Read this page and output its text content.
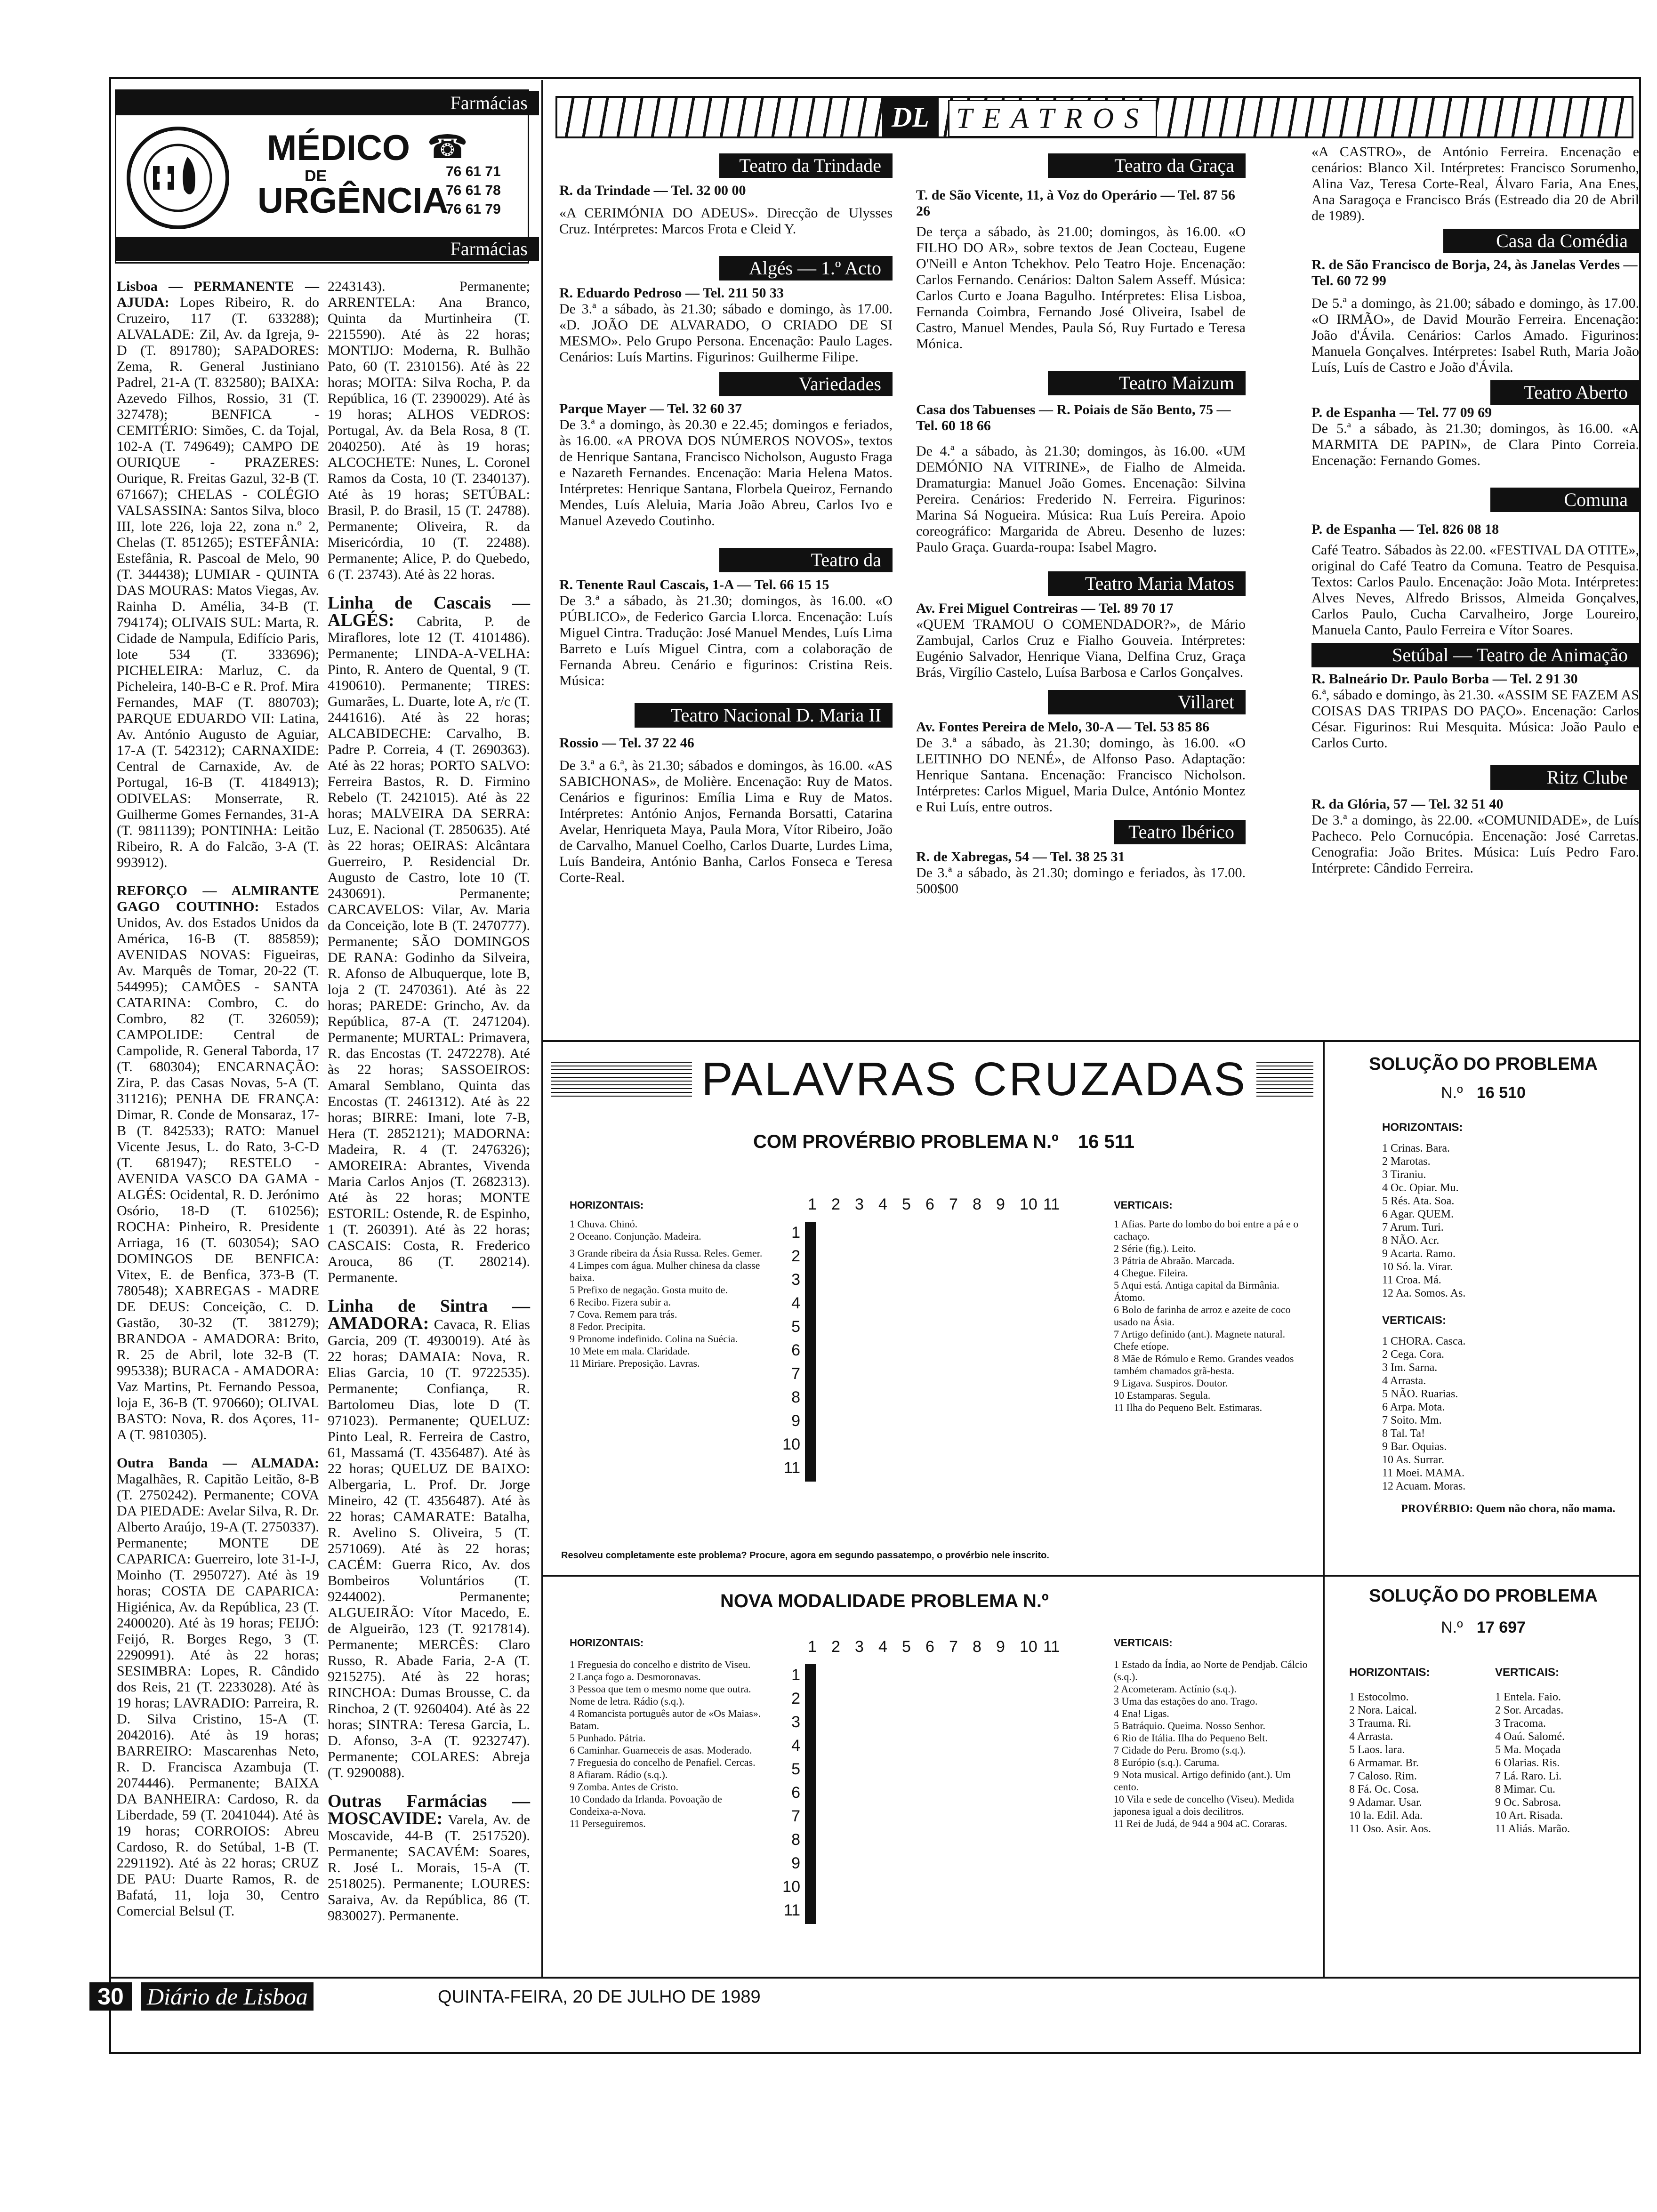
Farmácias
MÉDICO ☎
DE
URGÊNCIA
76 61 71
76 61 78
76 61 79
Farmácias

Lisboa — PERMANENTE — AJUDA: Lopes Ribeiro, R. do Cruzeiro, 117 (T. 633288); ALVALADE: Zil, Av. da Igreja, 9-D (T. 891780); SAPADORES: Zema, R. General Justiniano Padrel, 21-A (T. 832580); BAIXA: Azevedo Filhos, Rossio, 31 (T. 327478); BENFICA - CEMITÉRIO: Simões, C. da Tojal, 102-A (T. 749649); CAMPO DE OURIQUE - PRAZERES: Ourique, R. Freitas Gazul, 32-B (T. 671667); CHELAS - COLÉGIO VALSASSINA: Santos Silva, bloco III, lote 226, loja 22, zona n.º 2, Chelas (T. 851265); ESTEFÂNIA: Estefânia, R. Pascoal de Melo, 90 (T. 344438); LUMIAR - QUINTA DAS MOURAS: Matos Viegas, Av. Rainha D. Amélia, 34-B (T. 794174); OLIVAIS SUL: Marta, R. Cidade de Nampula, Edifício Paris, lote 534 (T. 333696); PICHELEIRA: Marluz, C. da Picheleira, 140-B-C e R. Prof. Mira Fernandes, MAF (T. 880703); PARQUE EDUARDO VII: Latina, Av. António Augusto de Aguiar, 17-A (T. 542312); CARNAXIDE: Central de Carnaxide, Av. de Portugal, 16-B (T. 4184913); ODIVELAS: Monserrate, R. Guilherme Gomes Fernandes, 31-A (T. 9811139); PONTINHA: Leitão Ribeiro, R. A do Falcão, 3-A (T. 993912).

REFORÇO — ALMIRANTE GAGO COUTINHO: Estados Unidos, Av. dos Estados Unidos da América, 16-B (T. 885859); AVENIDAS NOVAS: Figueiras, Av. Marquês de Tomar, 20-22 (T. 544995); CAMÕES - SANTA CATARINA: Combro, C. do Combro, 82 (T. 326059); CAMPOLIDE: Central de Campolide, R. General Taborda, 17 (T. 680304); ENCARNAÇÃO: Zira, P. das Casas Novas, 5-A (T. 311216); PENHA DE FRANÇA: Dimar, R. Conde de Monsaraz, 17-B (T. 842533); RATO: Manuel Vicente Jesus, L. do Rato, 3-C-D (T. 681947); RESTELO - AVENIDA VASCO DA GAMA - ALGÉS: Ocidental, R. D. Jerónimo Osório, 18-D (T. 610256); ROCHA: Pinheiro, R. Presidente Arriaga, 16 (T. 603054); SAO DOMINGOS DE BENFICA: Vitex, E. de Benfica, 373-B (T. 780548); XABREGAS - MADRE DE DEUS: Conceição, C. D. Gastão, 30-32 (T. 381279); BRANDOA - AMADORA: Brito, R. 25 de Abril, lote 32-B (T. 995338); BURACA - AMADORA: Vaz Martins, Pt. Fernando Pessoa, loja E, 36-B (T. 970660); OLIVAL BASTO: Nova, R. dos Açores, 11-A (T. 9810305).

Outra Banda — ALMADA: Magalhães, R. Capitão Leitão, 8-B (T. 2750242). Permanente; COVA DA PIEDADE: Avelar Silva, R. Dr. Alberto Araújo, 19-A (T. 2750337). Permanente; MONTE DE CAPARICA: Guerreiro, lote 31-I-J, Moinho (T. 2950727). Até às 19 horas; COSTA DE CAPARICA: Higiénica, Av. da República, 23 (T. 2400020). Até às 19 horas; FEIJÓ: Feijó, R. Borges Rego, 3 (T. 2290991). Até às 22 horas; SESIMBRA: Lopes, R. Cândido dos Reis, 21 (T. 2233028). Até às 19 horas; LAVRADIO: Parreira, R. D. Silva Cristino, 15-A (T. 2042016). Até às 19 horas; BARREIRO: Mascarenhas Neto, R. D. Francisca Azambuja (T. 2074446). Permanente; BAIXA DA BANHEIRA: Cardoso, R. da Liberdade, 59 (T. 2041044). Até às 19 horas; CORROIOS: Abreu Cardoso, R. do Setúbal, 1-B (T. 2291192). Até às 22 horas; CRUZ DE PAU: Duarte Ramos, R. de Bafatá, 11, loja 30, Centro Comercial Belsul (T.

2243143). Permanente; ARRENTELA: Ana Branco, Quinta da Murtinheira (T. 2215590). Até às 22 horas; MONTIJO: Moderna, R. Bulhão Pato, 60 (T. 2310156). Até às 22 horas; MOITA: Silva Rocha, P. da República, 16 (T. 2390029). Até às 19 horas; ALHOS VEDROS: Portugal, Av. da Bela Rosa, 8 (T. 2040250). Até às 19 horas; ALCOCHETE: Nunes, L. Coronel Ramos da Costa, 10 (T. 2340137). Até às 19 horas; SETÚBAL: Brasil, P. do Brasil, 15 (T. 24788). Permanente; Oliveira, R. da Misericórdia, 10 (T. 22488). Permanente; Alice, P. do Quebedo, 6 (T. 23743). Até às 22 horas.

Linha de Cascais — ALGÉS: Cabrita, P. de Miraflores, lote 12 (T. 4101486). Permanente; LINDA-A-VELHA: Pinto, R. Antero de Quental, 9 (T. 4190610). Permanente; TIRES: Gumarães, L. Duarte, lote A, r/c (T. 2441616). Até às 22 horas; ALCABIDECHE: Carvalho, B. Padre P. Correia, 4 (T. 2690363). Até às 22 horas; PORTO SALVO: Ferreira Bastos, R. D. Firmino Rebelo (T. 2421015). Até às 22 horas; MALVEIRA DA SERRA: Luz, E. Nacional (T. 2850635). Até às 22 horas; OEIRAS: Alcântara Guerreiro, P. Residencial Dr. Augusto de Castro, lote 10 (T. 2430691). Permanente; CARCAVELOS: Vilar, Av. Maria da Conceição, lote B (T. 2470777). Permanente; SÃO DOMINGOS DE RANA: Godinho da Silveira, R. Afonso de Albuquerque, lote B, loja 2 (T. 2470361). Até às 22 horas; PAREDE: Grincho, Av. da República, 87-A (T. 2471204). Permanente; MURTAL: Primavera, R. das Encostas (T. 2472278). Até às 22 horas; SASSOEIROS: Amaral Semblano, Quinta das Encostas (T. 2461312). Até às 22 horas; BIRRE: Imani, lote 7-B, Hera (T. 2852121); MADORNA: Madeira, R. 4 (T. 2476326); AMOREIRA: Abrantes, Vivenda Maria Carlos Anjos (T. 2682313). Até às 22 horas; MONTE ESTORIL: Ostende, R. de Espinho, 1 (T. 260391). Até às 22 horas; CASCAIS: Costa, R. Frederico Arouca, 86 (T. 280214). Permanente.

Linha de Sintra — AMADORA: Cavaca, R. Elias Garcia, 209 (T. 4930019). Até às 22 horas; DAMAIA: Nova, R. Elias Garcia, 10 (T. 9722535). Permanente; Confiança, R. Bartolomeu Dias, lote D (T. 971023). Permanente; QUELUZ: Pinto Leal, R. Ferreira de Castro, 61, Massamá (T. 4356487). Até às 22 horas; QUELUZ DE BAIXO: Albergaria, L. Prof. Dr. Jorge Mineiro, 42 (T. 4356487). Até às 22 horas; CAMARATE: Batalha, R. Avelino S. Oliveira, 5 (T. 2571069). Até às 22 horas; CACÉM: Guerra Rico, Av. dos Bombeiros Voluntários (T. 9244002). Permanente; ALGUEIRÃO: Vítor Macedo, E. de Algueirão, 123 (T. 9217814). Permanente; MERCÊS: Claro Russo, R. Abade Faria, 2-A (T. 9215275). Até às 22 horas; RINCHOA: Dumas Brousse, C. da Rinchoa, 2 (T. 9260404). Até às 22 horas; SINTRA: Teresa Garcia, L. D. Afonso, 3-A (T. 9232747). Permanente; COLARES: Abreja (T. 9290088).

Outras Farmácias — MOSCAVIDE: Varela, Av. de Moscavide, 44-B (T. 2517520). Permanente; SACAVÉM: Soares, R. José L. Morais, 15-A (T. 2518025). Permanente; LOURES: Saraiva, Av. da República, 86 (T. 9830027). Permanente.

DL TEATROS
Teatro da Trindade
R. da Trindade — Tel. 32 00 00
«A CERIMÓNIA DO ADEUS». Direcção de Ulysses Cruz. Intérpretes: Marcos Frota e Cleid Y.
Algés — 1.º Acto
R. Eduardo Pedroso — Tel. 211 50 33
De 3.ª a sábado, às 21.30; sábado e domingo, às 17.00. «D. JOÃO DE ALVARADO, O CRIADO DE SI MESMO». Pelo Grupo Persona. Encenação: Paulo Lages. Cenários: Luís Martins. Figurinos: Guilherme Filipe.
Variedades
Parque Mayer — Tel. 32 60 37
De 3.ª a domingo, às 20.30 e 22.45; domingos e feriados, às 16.00. «A PROVA DOS NÚMEROS NOVOS», textos de Henrique Santana, Francisco Nicholson, Augusto Fraga e Nazareth Fernandes. Encenação: Maria Helena Matos. Intérpretes: Henrique Santana, Florbela Queiroz, Fernando Mendes, Luís Aleluia, Maria João Abreu, Carlos Ivo e Manuel Azevedo Coutinho.
Teatro da Cornucópia
R. Tenente Raul Cascais, 1-A — Tel. 66 15 15
De 3.ª a sábado, às 21.30; domingos, às 16.00. «O PÚBLICO», de Federico Garcia Llorca. Encenação: Luís Miguel Cintra. Tradução: José Manuel Mendes, Luís Lima Barreto e Luís Miguel Cintra, com a colaboração de Fernanda Abreu. Cenário e figurinos: Cristina Reis. Música:
Teatro Nacional D. Maria II
Rossio — Tel. 37 22 46
De 3.ª a 6.ª, às 21.30; sábados e domingos, às 16.00. «AS SABICHONAS», de Molière. Encenação: Ruy de Matos. Cenários e figurinos: Emília Lima e Ruy de Matos. Intérpretes: António Anjos, Fernanda Borsatti, Catarina Avelar, Henriqueta Maya, Paula Mora, Vítor Ribeiro, João de Carvalho, Manuel Coelho, Carlos Duarte, Lurdes Lima, Luís Bandeira, António Banha, Carlos Fonseca e Teresa Corte-Real.
Teatro da Graça
T. de São Vicente, 11, à Voz do Operário — Tel. 87 56 26
De terça a sábado, às 21.00; domingos, às 16.00. «O FILHO DO AR», sobre textos de Jean Cocteau, Eugene O'Neill e Anton Tchekhov. Pelo Teatro Hoje. Encenação: Carlos Fernando. Cenários: Dalton Salem Asseff. Música: Carlos Curto e Joana Bagulho. Intérpretes: Elisa Lisboa, Fernanda Coimbra, Fernando José Oliveira, Isabel de Castro, Manuel Mendes, Paula Só, Ruy Furtado e Teresa Mónica.
Teatro Maizum
Casa dos Tabuenses — R. Poiais de São Bento, 75 — Tel. 60 18 66
De 4.ª a sábado, às 21.30; domingos, às 16.00. «UM DEMÓNIO NA VITRINE», de Fialho de Almeida. Dramaturgia: Manuel João Gomes. Encenação: Silvina Pereira. Cenários: Frederido N. Ferreira. Figurinos: Marina Sá Nogueira. Música: Rua Luís Pereira. Apoio coreográfico: Margarida de Abreu. Desenho de luzes: Paulo Graça. Guarda-roupa: Isabel Magro.
Teatro Maria Matos
Av. Frei Miguel Contreiras — Tel. 89 70 17
«QUEM TRAMOU O COMENDADOR?», de Mário Zambujal, Carlos Cruz e Fialho Gouveia. Intérpretes: Eugénio Salvador, Henrique Viana, Delfina Cruz, Graça Brás, Virgílio Castelo, Luísa Barbosa e Carlos Gonçalves.
Villaret
Av. Fontes Pereira de Melo, 30-A — Tel. 53 85 86
De 3.ª a sábado, às 21.30; domingo, às 16.00. «O LEITINHO DO NENÉ», de Alfonso Paso. Adaptação: Henrique Santana. Encenação: Francisco Nicholson. Intérpretes: Carlos Miguel, Maria Dulce, António Montez e Rui Luís, entre outros.
Teatro Ibérico
R. de Xabregas, 54 — Tel. 38 25 31
De 3.ª a sábado, às 21.30; domingo e feriados, às 17.00. 500$00
«A CASTRO», de António Ferreira. Encenação e cenários: Blanco Xil. Intérpretes: Francisco Sorumenho, Alina Vaz, Teresa Corte-Real, Álvaro Faria, Ana Enes, Ana Saragoça e Francisco Brás (Estreado dia 20 de Abril de 1989).
Casa da Comédia
R. de São Francisco de Borja, 24, às Janelas Verdes — Tel. 60 72 99
De 5.ª a domingo, às 21.00; sábado e domingo, às 17.00. «O IRMÃO», de David Mourão Ferreira. Encenação: João d'Ávila. Cenários: Carlos Amado. Figurinos: Manuela Gonçalves. Intérpretes: Isabel Ruth, Maria João Luís, Luís de Castro e João d'Ávila.
Teatro Aberto
P. de Espanha — Tel. 77 09 69
De 5.ª a sábado, às 21.30; domingos, às 16.00. «A MARMITA DE PAPIN», de Clara Pinto Correia. Encenação: Fernando Gomes.
Comuna
P. de Espanha — Tel. 826 08 18
Café Teatro. Sábados às 22.00. «FESTIVAL DA OTITE», original do Café Teatro da Comuna. Teatro de Pesquisa. Textos: Carlos Paulo. Encenação: João Mota. Intérpretes: Alves Neves, Alfredo Brissos, Almeida Gonçalves, Carlos Paulo, Cucha Carvalheiro, Jorge Loureiro, Manuela Canto, Paulo Ferreira e Vítor Soares.
Setúbal — Teatro de Animação
R. Balneário Dr. Paulo Borba — Tel. 2 91 30
6.ª, sábado e domingo, às 21.30. «ASSIM SE FAZEM AS COISAS DAS TRIPAS DO PAÇO». Encenação: Carlos César. Figurinos: Rui Mesquita. Música: João Paulo e Carlos Curto.
Ritz Clube
R. da Glória, 57 — Tel. 32 51 40
De 3.ª a domingo, às 22.00. «COMUNIDADE», de Luís Pacheco. Pelo Cornucópia. Encenação: José Carretas. Cenografia: João Brites. Música: Luís Pedro Faro. Intérprete: Cândido Ferreira.
PALAVRAS CRUZADAS
COM PROVÉRBIO PROBLEMA N.º 16 511
HORIZONTAIS:
1 Chuva. Chinó.
2 Oceano. Conjunção. Madeira.
3 Grande ribeira da Ásia Russa. Reles. Gemer.
4 Limpes com água. Mulher chinesa da classe baixa.
5 Prefixo de negação. Gosta muito de.
6 Recibo. Fizera subir a.
7 Cova. Remem para trás.
8 Fedor. Precipita.
9 Pronome indefinido. Colina na Suécia.
10 Mete em mala. Claridade.
11 Miriare. Preposição. Lavras.
1 2 3 4 5 6 7 8 9 10 11
1
2
3
4
5
6
7
8
9
10
11

VERTICAIS:
1 Afias. Parte do lombo do boi entre a pá e o cachaço.
2 Série (fig.). Leito.
3 Pátria de Abraão. Marcada.
4 Chegue. Fileira.
5 Aqui está. Antiga capital da Birmânia. Átomo.
6 Bolo de farinha de arroz e azeite de coco usado na Ásia.
7 Artigo definido (ant.). Magnete natural. Chefe etíope.
8 Mãe de Rómulo e Remo. Grandes veados também chamados grã-besta.
9 Ligava. Suspiros. Doutor.
10 Estamparas. Segula.
11 Ilha do Pequeno Belt. Estimaras.
Resolveu completamente este problema? Procure, agora em segundo passatempo, o provérbio nele inscrito.
SOLUÇÃO DO PROBLEMA
N.º 16 510
HORIZONTAIS:
1 Crinas. Bara.
2 Marotas.
3 Tiraniu.
4 Oc. Opiar. Mu.
5 Rés. Ata. Soa.
6 Agar. QUEM.
7 Arum. Turi.
8 NÃO. Acr.
9 Acarta. Ramo.
10 Só. la. Virar.
11 Croa. Má.
12 Aa. Somos. As.
VERTICAIS:
1 CHORA. Casca.
2 Cega. Cora.
3 Im. Sarna.
4 Arrasta.
5 NÃO. Ruarias.
6 Arpa. Mota.
7 Soito. Mm.
8 Tal. Ta!
9 Bar. Oquias.
10 As. Surrar.
11 Moei. MAMA.
12 Acuam. Moras.
PROVÉRBIO: Quem não chora, não mama.
NOVA MODALIDADE PROBLEMA N.º
HORIZONTAIS:
1 Freguesia do concelho e distrito de Viseu.
2 Lança fogo a. Desmoronavas.
3 Pessoa que tem o mesmo nome que outra. Nome de letra. Rádio (s.q.).
4 Romancista português autor de «Os Maias». Batam.
5 Punhado. Pátria.
6 Caminhar. Guarneceis de asas. Moderado.
7 Freguesia do concelho de Penafiel. Cercas.
8 Afiaram. Rádio (s.q.).
9 Zomba. Antes de Cristo.
10 Condado da Irlanda. Povoação de Condeixa-a-Nova.
11 Perseguiremos.
1 2 3 4 5 6 7 8 9 10 11
1
2
3
4
5
6
7
8
9
10
11

VERTICAIS:
1 Estado da Índia, ao Norte de Pendjab. Cálcio (s.q.).
2 Acometeram. Actínio (s.q.).
3 Uma das estações do ano. Trago.
4 Ena! Ligas.
5 Batráquio. Queima. Nosso Senhor.
6 Rio de Itália. Ilha do Pequeno Belt.
7 Cidade do Peru. Bromo (s.q.).
8 Európio (s.q.). Caruma.
9 Nota musical. Artigo definido (ant.). Um cento.
10 Vila e sede de concelho (Viseu). Medida japonesa igual a dois decilitros.
11 Rei de Judá, de 944 a 904 aC. Coraras.
SOLUÇÃO DO PROBLEMA
N.º 17 697
HORIZONTAIS:
1 Estocolmo.
2 Nora. Laical.
3 Trauma. Ri.
4 Arrasta.
5 Laos. lara.
6 Armamar. Br.
7 Caloso. Rim.
8 Fá. Oc. Cosa.
9 Adamar. Usar.
10 la. Edil. Ada.
11 Oso. Asir. Aos.
VERTICAIS:
1 Entela. Faio.
2 Sor. Arcadas.
3 Tracoma.
4 Oaú. Salomé.
5 Ma. Moçada
6 Olarias. Ris.
7 Lá. Raro. Li.
8 Mimar. Cu.
9 Oc. Sabrosa.
10 Art. Risada.
11 Aliás. Marão.
30 Diário de Lisboa	QUINTA-FEIRA, 20 DE JULHO DE 1989
